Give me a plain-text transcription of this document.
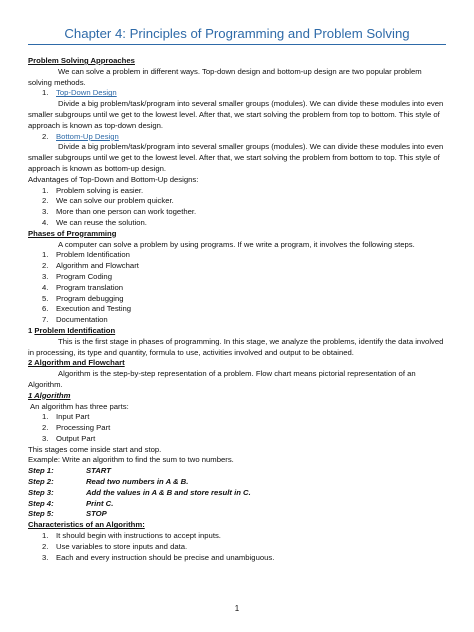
Chapter 4: Principles of Programming and Problem Solving

Problem Solving Approaches

We can solve a problem in different ways. Top-down design and bottom-up design are two popular problem solving methods.

1. Top-Down Design

Divide a big problem/task/program into several smaller groups (modules). We can divide these modules into even smaller subgroups until we get to the lowest level. After that, we start solving the problem from top to bottom. This style of approach is known as top-down design.

2. Bottom-Up Design

Divide a big problem/task/program into several smaller groups (modules). We can divide these modules into even smaller subgroups until we get to the lowest level. After that, we start solving the problem from bottom to top. This style of approach is known as bottom-up design.

Advantages of Top-Down and Bottom-Up designs:

1. Problem solving is easier.
2. We can solve our problem quicker.
3. More than one person can work together.
4. We can reuse the solution.

Phases of Programming

A computer can solve a problem by using programs. If we write a program, it involves the following steps.

1. Problem Identification
2. Algorithm and Flowchart
3. Program Coding
4. Program translation
5. Program debugging
6. Execution and Testing
7. Documentation

1 Problem Identification

This is the first stage in phases of programming. In this stage, we analyze the problems, identify the data involved in processing, its type and quantity, formula to use, activities involved and output to be obtained.

2 Algorithm and Flowchart

Algorithm is the step-by-step representation of a problem. Flow chart means pictorial representation of an Algorithm.

1 Algorithm

An algorithm has three parts:

1. Input Part
2. Processing Part
3. Output Part

This stages come inside start and stop.

Example: Write an algorithm to find the sum to two numbers.

Step 1:	START
Step 2:	Read two numbers in A & B.
Step 3:	Add the values in A & B and store result in C.
Step 4:	Print C.
Step 5:	STOP

Characteristics of an Algorithm:

1. It should begin with instructions to accept inputs.
2. Use variables to store inputs and data.
3. Each and every instruction should be precise and unambiguous.
1
